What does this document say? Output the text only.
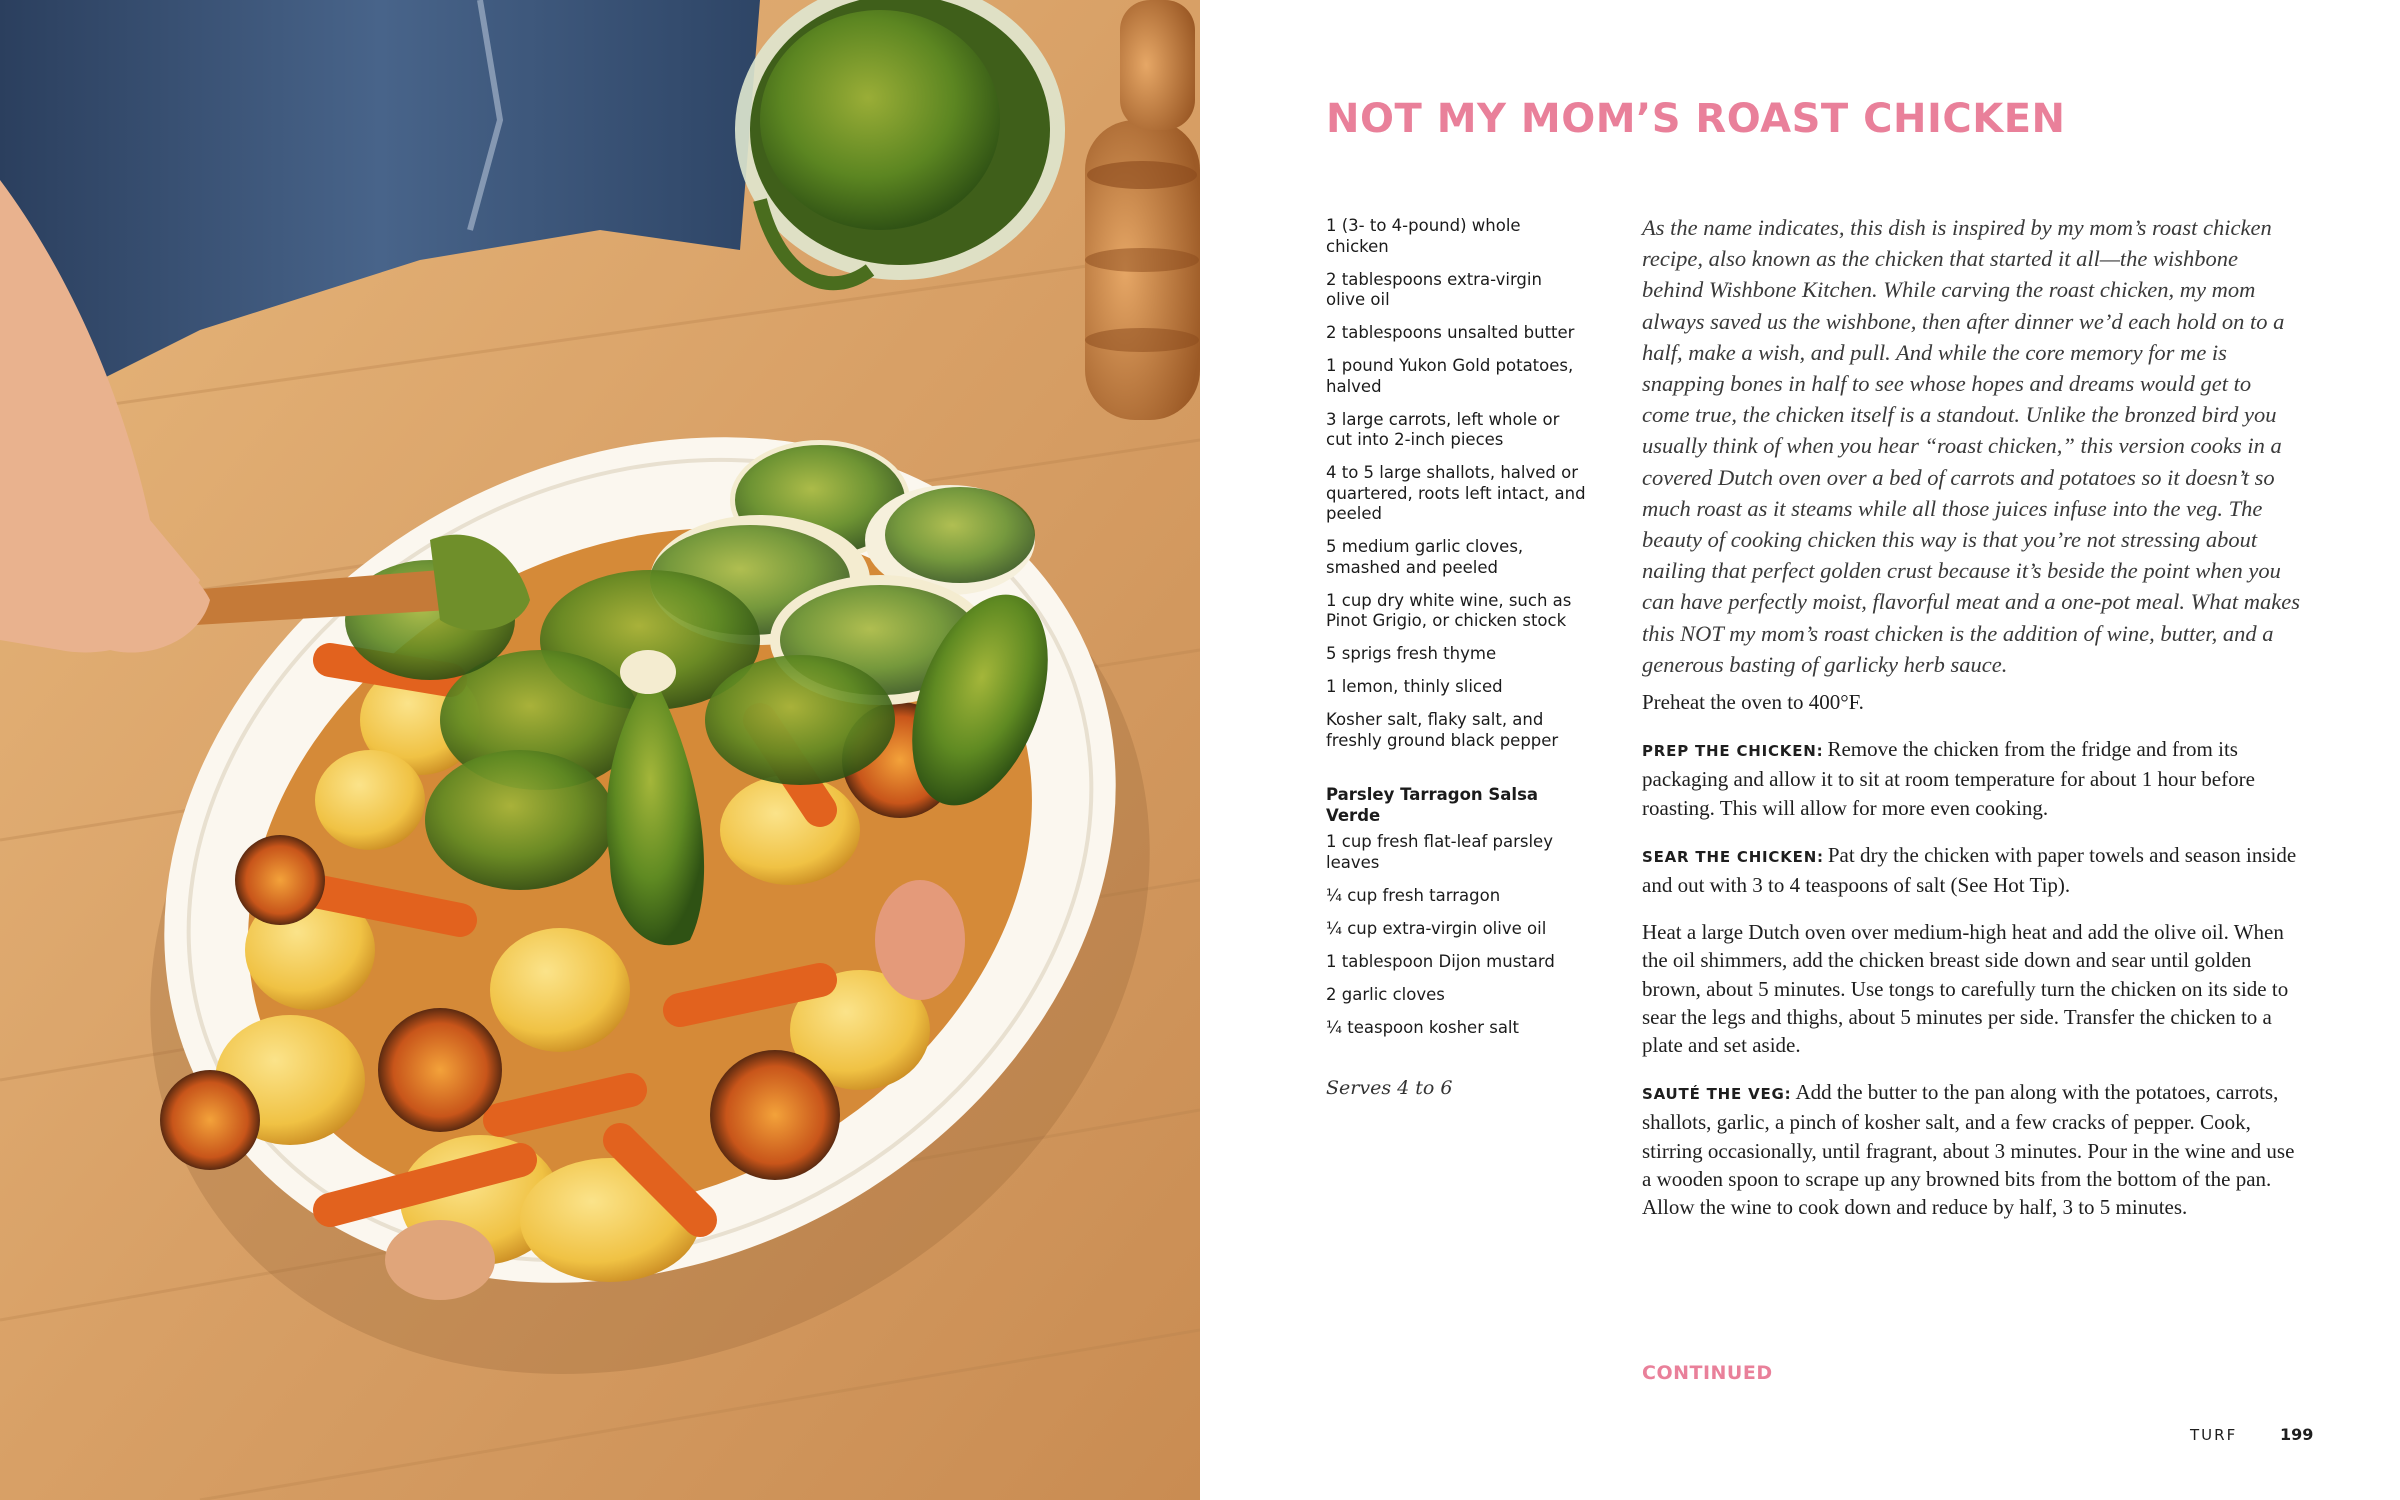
NOT MY MOM’S ROAST CHICKEN
1 (3- to 4-pound) whole chicken
2 tablespoons extra-virgin olive oil
2 tablespoons unsalted butter
1 pound Yukon Gold potatoes, halved
3 large carrots, left whole or cut into 2-inch pieces
4 to 5 large shallots, halved or quartered, roots left intact, and peeled
5 medium garlic cloves, smashed and peeled
1 cup dry white wine, such as Pinot Grigio, or chicken stock
5 sprigs fresh thyme
1 lemon, thinly sliced
Kosher salt, flaky salt, and freshly ground black pepper
Parsley Tarragon Salsa Verde
1 cup fresh flat-leaf parsley leaves
¼ cup fresh tarragon
¼ cup extra-virgin olive oil
1 tablespoon Dijon mustard
2 garlic cloves
¼ teaspoon kosher salt
Serves 4 to 6

As the name indicates, this dish is inspired by my mom’s roast chicken recipe, also known as the chicken that started it all—the wishbone behind Wishbone Kitchen. While carving the roast chicken, my mom always saved us the wishbone, then after dinner we’d each hold on to a half, make a wish, and pull. And while the core memory for me is snapping bones in half to see whose hopes and dreams would get to come true, the chicken itself is a standout. Unlike the bronzed bird you usually think of when you hear “roast chicken,” this version cooks in a covered Dutch oven over a bed of carrots and potatoes so it doesn’t so much roast as it steams while all those juices infuse into the veg. The beauty of cooking chicken this way is that you’re not stressing about nailing that perfect golden crust because it’s beside the point when you can have perfectly moist, flavorful meat and a one-pot meal. What makes this NOT my mom’s roast chicken is the addition of wine, butter, and a generous basting of garlicky herb sauce.

Preheat the oven to 400°F.

PREP THE CHICKEN: Remove the chicken from the fridge and from its packaging and allow it to sit at room temperature for about 1 hour before roasting. This will allow for more even cooking.

SEAR THE CHICKEN: Pat dry the chicken with paper towels and season inside and out with 3 to 4 teaspoons of salt (See Hot Tip).

Heat a large Dutch oven over medium-high heat and add the olive oil. When the oil shimmers, add the chicken breast side down and sear until golden brown, about 5 minutes. Use tongs to carefully turn the chicken on its side to sear the legs and thighs, about 5 minutes per side. Transfer the chicken to a plate and set aside.

SAUTÉ THE VEG: Add the butter to the pan along with the potatoes, carrots, shallots, garlic, a pinch of kosher salt, and a few cracks of pepper. Cook, stirring occasionally, until fragrant, about 3 minutes. Pour in the wine and use a wooden spoon to scrape up any browned bits from the bottom of the pan. Allow the wine to cook down and reduce by half, 3 to 5 minutes.

CONTINUED
TURF	199
